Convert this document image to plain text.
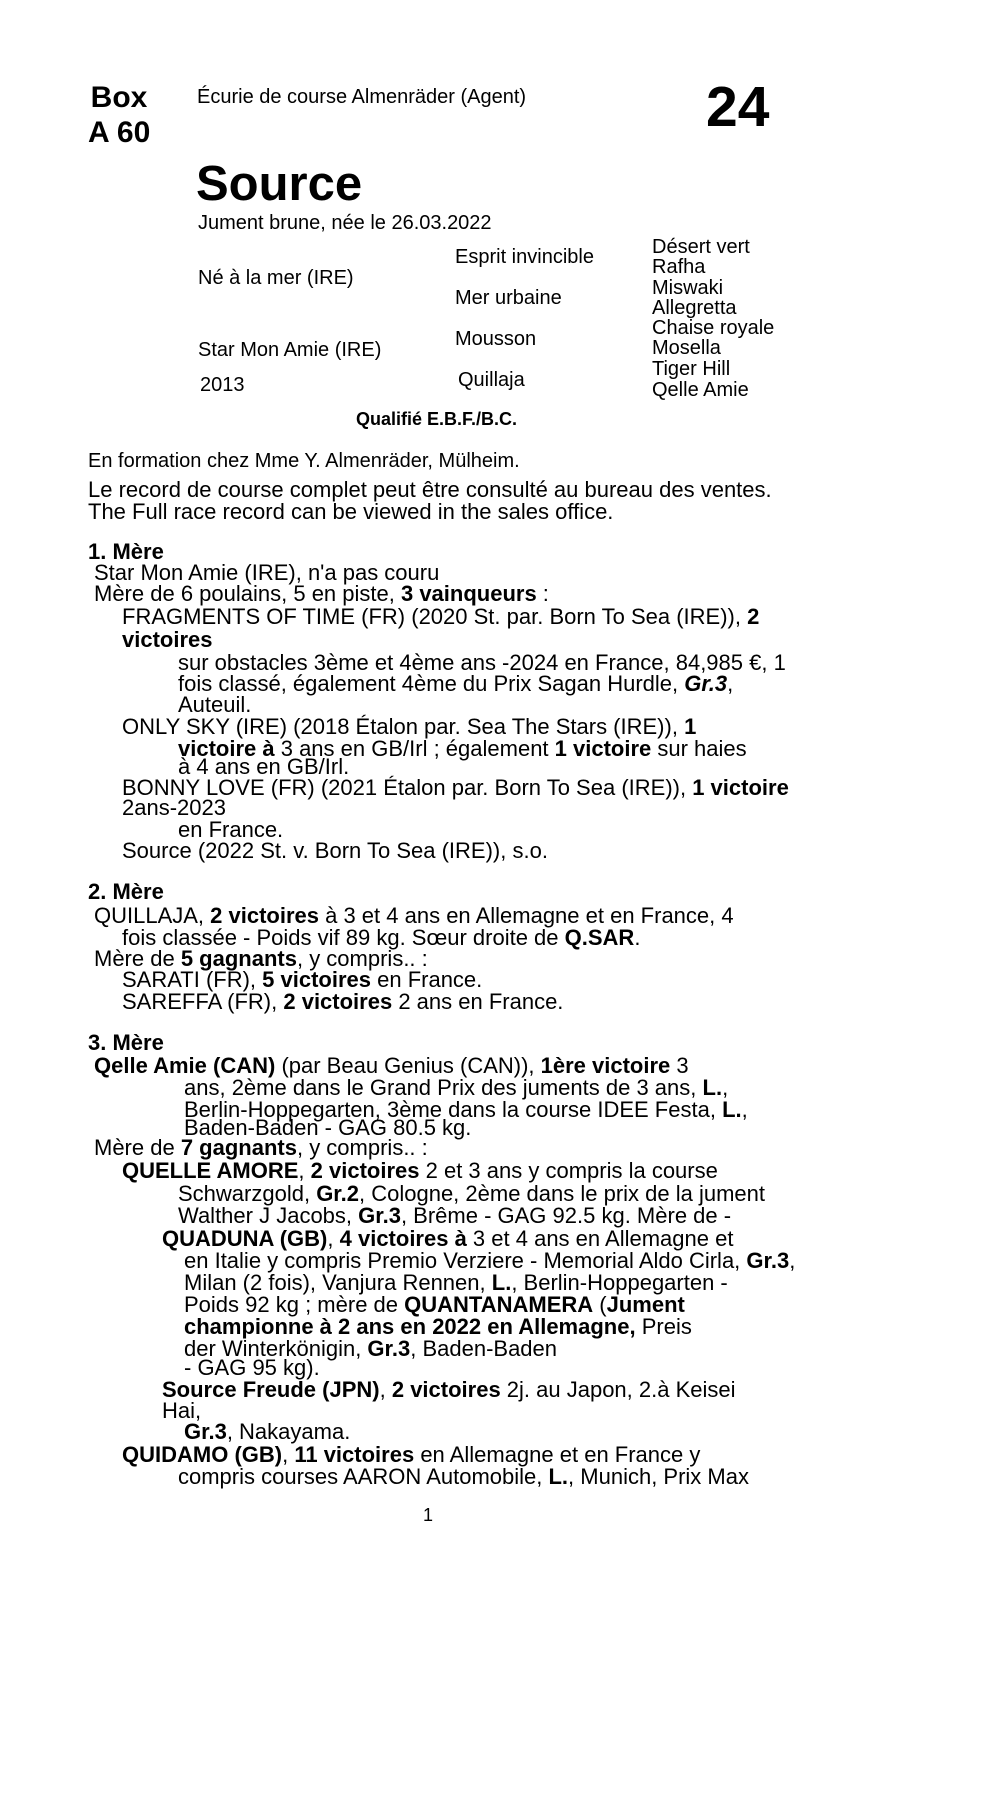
Box
A 60
Écurie de course Almenräder (Agent)	24
Source
Jument brune, née le 26.03.2022
Né à la mer (IRE)
Star Mon Amie (IRE)
2013
Esprit invincible
Mer urbaine
Mousson
Quillaja
Désert vert
Rafha
Miswaki
Allegretta
Chaise royale
Mosella
Tiger Hill
Qelle Amie
Qualifié E.B.F./B.C.
En formation chez Mme Y. Almenräder, Mülheim.
Le record de course complet peut être consulté au bureau des ventes.
The Full race record can be viewed in the sales office.
1. Mère
Star Mon Amie (IRE), n'a pas couru
Mère de 6 poulains, 5 en piste, 3 vainqueurs :
FRAGMENTS OF TIME (FR) (2020 St. par. Born To Sea (IRE)), 2
victoires
sur obstacles 3ème et 4ème ans -2024 en France, 84,985 €, 1
fois classé, également 4ème du Prix Sagan Hurdle, Gr.3,
Auteuil.
ONLY SKY (IRE) (2018 Étalon par. Sea The Stars (IRE)), 1
victoire à 3 ans en GB/Irl ; également 1 victoire sur haies
à 4 ans en GB/Irl.
BONNY LOVE (FR) (2021 Étalon par. Born To Sea (IRE)), 1 victoire
2ans-2023
en France.
Source (2022 St. v. Born To Sea (IRE)), s.o.
2. Mère
QUILLAJA, 2 victoires à 3 et 4 ans en Allemagne et en France, 4
fois classée - Poids vif 89 kg. Sœur droite de Q.SAR.
Mère de 5 gagnants, y compris.. :
SARATI (FR), 5 victoires en France.
SAREFFA (FR), 2 victoires 2 ans en France.
3. Mère
Qelle Amie (CAN) (par Beau Genius (CAN)), 1ère victoire 3
ans, 2ème dans le Grand Prix des juments de 3 ans, L.,
Berlin-Hoppegarten, 3ème dans la course IDEE Festa, L.,
Baden-Baden - GAG 80.5 kg.
Mère de 7 gagnants, y compris.. :
QUELLE AMORE, 2 victoires 2 et 3 ans y compris la course
Schwarzgold, Gr.2, Cologne, 2ème dans le prix de la jument
Walther J Jacobs, Gr.3, Brême - GAG 92.5 kg. Mère de -
QUADUNA (GB), 4 victoires à 3 et 4 ans en Allemagne et
en Italie y compris Premio Verziere - Memorial Aldo Cirla, Gr.3,
Milan (2 fois), Vanjura Rennen, L., Berlin-Hoppegarten -
Poids 92 kg ; mère de QUANTANAMERA (Jument
championne à 2 ans en 2022 en Allemagne, Preis
der Winterkönigin, Gr.3, Baden-Baden
- GAG 95 kg).
Source Freude (JPN), 2 victoires 2j. au Japon, 2.à Keisei
Hai,
Gr.3, Nakayama.
QUIDAMO (GB), 11 victoires en Allemagne et en France y
compris courses AARON Automobile, L., Munich, Prix Max
1
